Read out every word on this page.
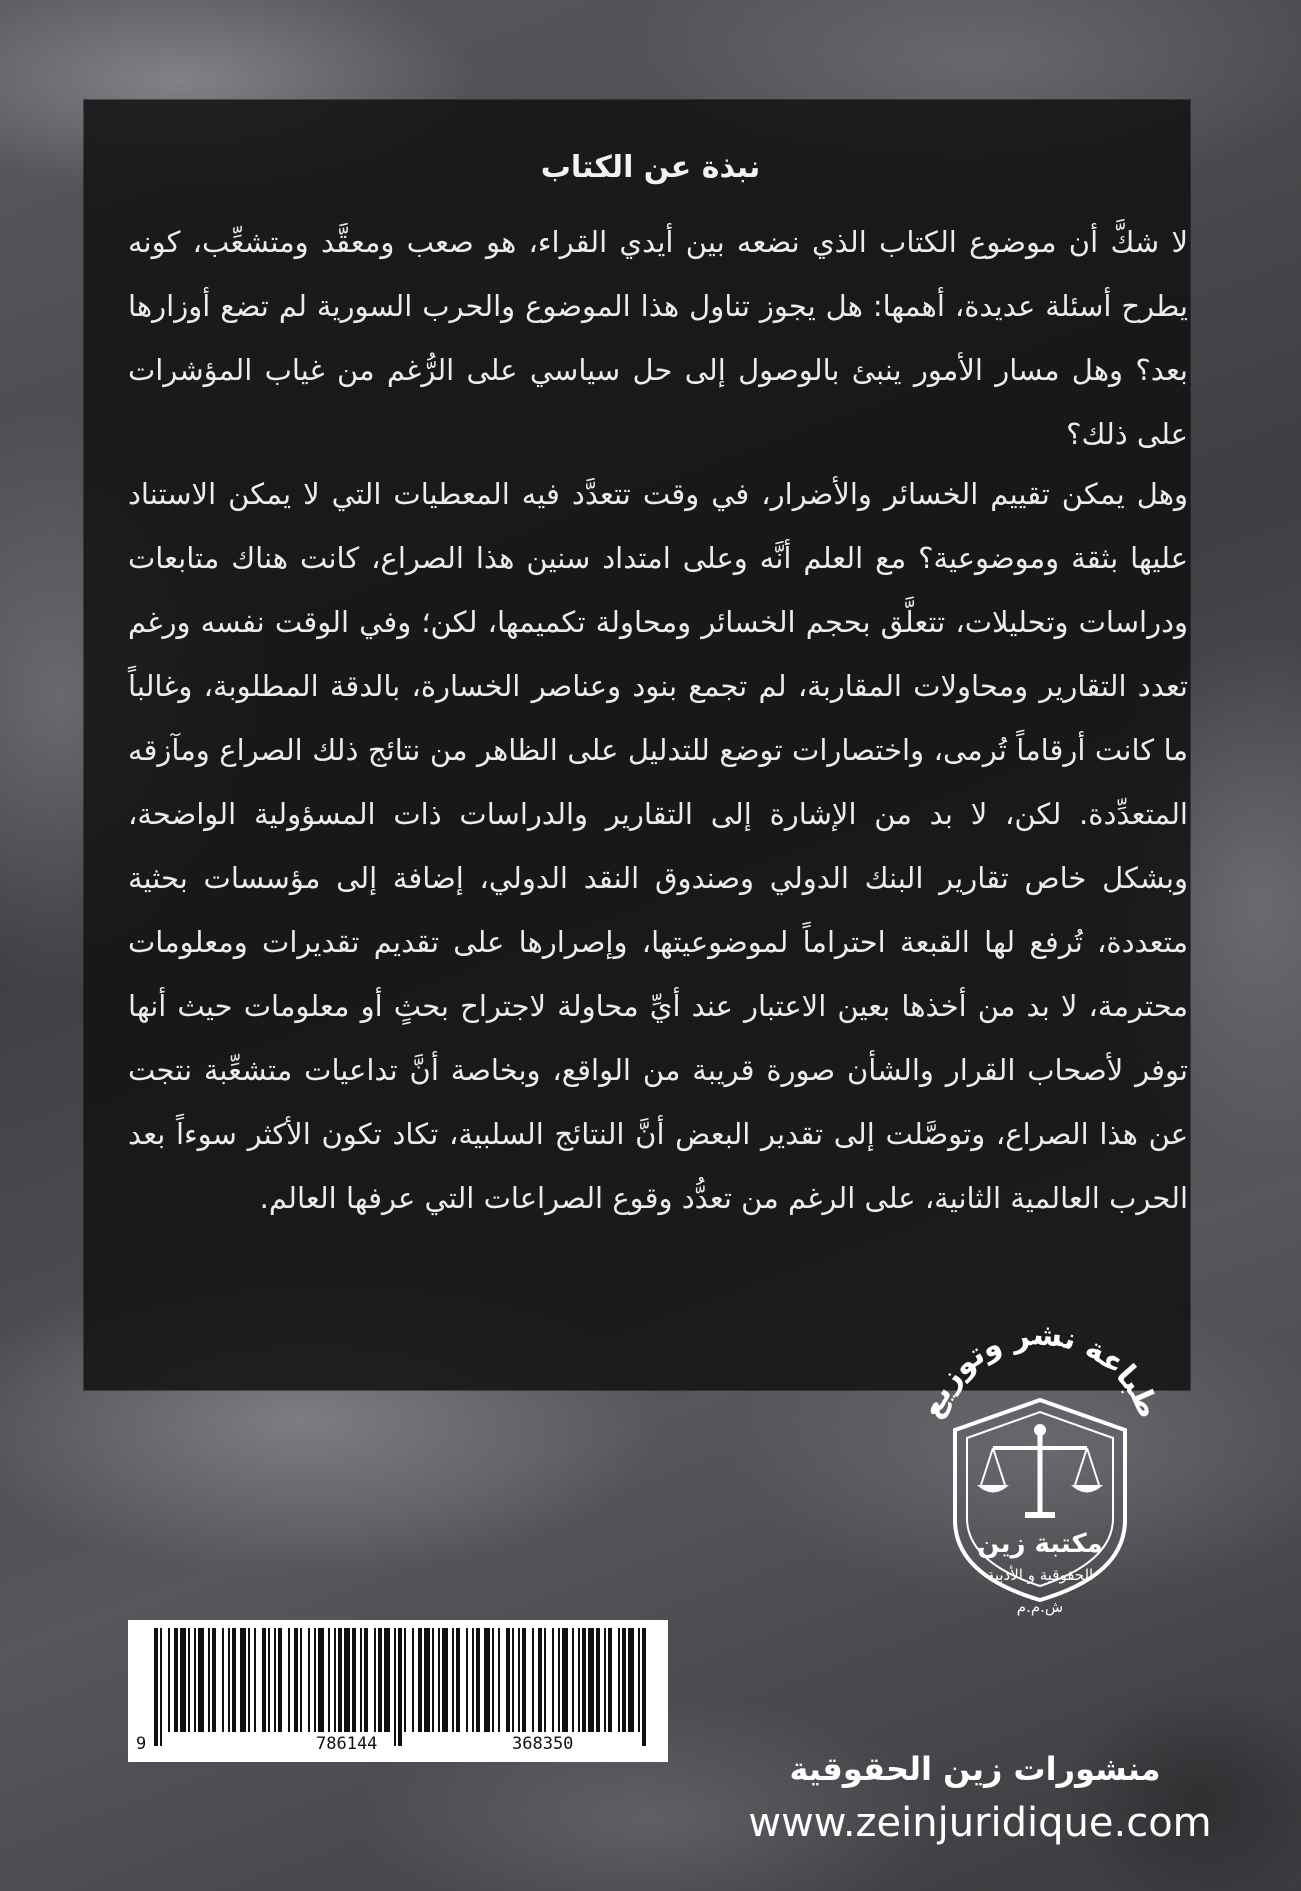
نبذة عن الكتاب

لا شكَّ أن موضوع الكتاب الذي نضعه بين أيدي القراء، هو صعب ومعقَّد ومتشعِّب، كونه يطرح أسئلة عديدة، أهمها: هل يجوز تناول هذا الموضوع والحرب السورية لم تضع أوزارها بعد؟ وهل مسار الأمور ينبئ بالوصول إلى حل سياسي على الرُّغم من غياب المؤشرات على ذلك؟

وهل يمكن تقييم الخسائر والأضرار، في وقت تتعدَّد فيه المعطيات التي لا يمكن الاستناد عليها بثقة وموضوعية؟ مع العلم أنَّه وعلى امتداد سنين هذا الصراع، كانت هناك متابعات ودراسات وتحليلات، تتعلَّق بحجم الخسائر ومحاولة تكميمها، لكن؛ وفي الوقت نفسه ورغم تعدد التقارير ومحاولات المقاربة، لم تجمع بنود وعناصر الخسارة، بالدقة المطلوبة، وغالباً ما كانت أرقاماً تُرمى، واختصارات توضع للتدليل على الظاهر من نتائج ذلك الصراع ومآزقه المتعدِّدة. لكن، لا بد من الإشارة إلى التقارير والدراسات ذات المسؤولية الواضحة، وبشكل خاص تقارير البنك الدولي وصندوق النقد الدولي، إضافة إلى مؤسسات بحثية متعددة، تُرفع لها القبعة احتراماً لموضوعيتها، وإصرارها على تقديم تقديرات ومعلومات محترمة، لا بد من أخذها بعين الاعتبار عند أيِّ محاولة لاجتراح بحثٍ أو معلومات حيث أنها توفر لأصحاب القرار والشأن صورة قريبة من الواقع، وبخاصة أنَّ تداعيات متشعِّبة نتجت عن هذا الصراع، وتوصَّلت إلى تقدير البعض أنَّ النتائج السلبية، تكاد تكون الأكثر سوءاً بعد الحرب العالمية الثانية، على الرغم من تعدُّد وقوع الصراعات التي عرفها العالم.

طباعة نشر وتوزيع
مكتبة زين
الحقوقية و الأدبية
ش.م.م
9	786144	368350
منشورات زين الحقوقية
www.zeinjuridique.com
